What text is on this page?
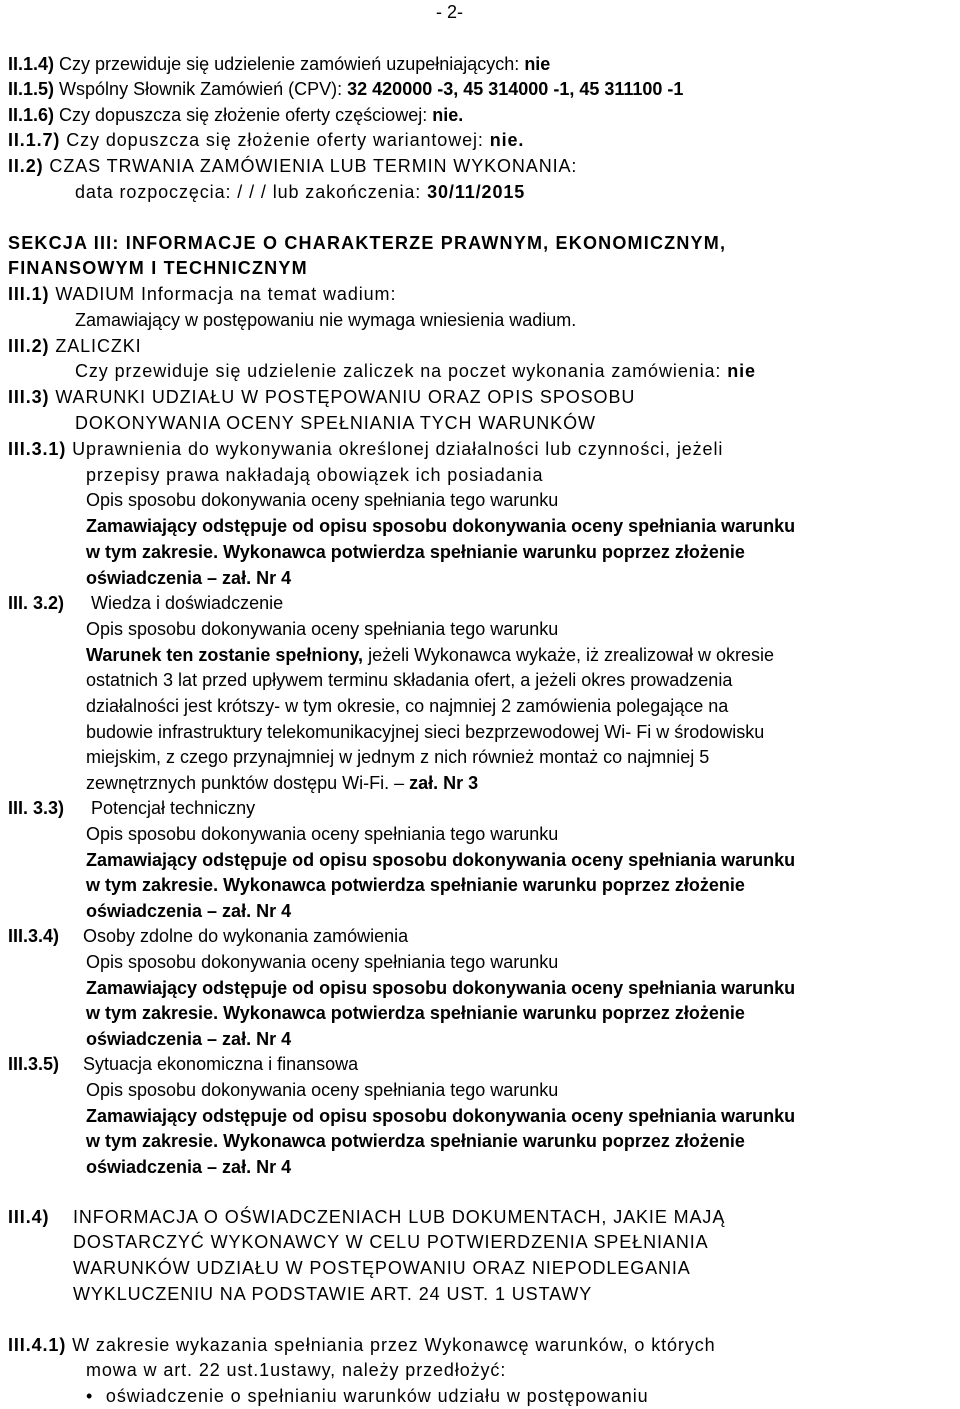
- 2-
II.1.4) Czy przewiduje się udzielenie zamówień uzupełniających: nie
II.1.5) Wspólny Słownik Zamówień (CPV): 32 420000 -3, 45 314000 -1, 45 311100 -1
II.1.6) Czy dopuszcza się złożenie oferty częściowej: nie.
II.1.7) Czy dopuszcza się złożenie oferty wariantowej: nie.
II.2) CZAS TRWANIA ZAMÓWIENIA LUB TERMIN WYKONANIA:
data rozpoczęcia: / / / lub zakończenia: 30/11/2015
SEKCJA III: INFORMACJE O CHARAKTERZE PRAWNYM, EKONOMICZNYM,
FINANSOWYM I TECHNICZNYM
III.1) WADIUM Informacja na temat wadium:
Zamawiający w postępowaniu nie wymaga wniesienia wadium.
III.2) ZALICZKI
Czy przewiduje się udzielenie zaliczek na poczet wykonania zamówienia: nie
III.3) WARUNKI UDZIAŁU W POSTĘPOWANIU ORAZ OPIS SPOSOBU
DOKONYWANIA OCENY SPEŁNIANIA TYCH WARUNKÓW
III.3.1) Uprawnienia do wykonywania określonej działalności lub czynności, jeżeli
przepisy prawa nakładają obowiązek ich posiadania
Opis sposobu dokonywania oceny spełniania tego warunku
Zamawiający odstępuje od opisu sposobu dokonywania oceny spełniania warunku
w tym zakresie. Wykonawca potwierdza spełnianie warunku poprzez złożenie
oświadczenia – zał. Nr 4
III. 3.2) Wiedza i doświadczenie
Opis sposobu dokonywania oceny spełniania tego warunku
Warunek ten zostanie spełniony, jeżeli Wykonawca wykaże, iż zrealizował w okresie
ostatnich 3 lat przed upływem terminu składania ofert, a jeżeli okres prowadzenia
działalności jest krótszy- w tym okresie, co najmniej 2 zamówienia polegające na
budowie infrastruktury telekomunikacyjnej sieci bezprzewodowej Wi- Fi w środowisku
miejskim, z czego przynajmniej w jednym z nich również montaż co najmniej 5
zewnętrznych punktów dostępu Wi-Fi. – zał. Nr 3
III. 3.3) Potencjał techniczny
Opis sposobu dokonywania oceny spełniania tego warunku
Zamawiający odstępuje od opisu sposobu dokonywania oceny spełniania warunku
w tym zakresie. Wykonawca potwierdza spełnianie warunku poprzez złożenie
oświadczenia – zał. Nr 4
III.3.4) Osoby zdolne do wykonania zamówienia
Opis sposobu dokonywania oceny spełniania tego warunku
Zamawiający odstępuje od opisu sposobu dokonywania oceny spełniania warunku
w tym zakresie. Wykonawca potwierdza spełnianie warunku poprzez złożenie
oświadczenia – zał. Nr 4
III.3.5) Sytuacja ekonomiczna i finansowa
Opis sposobu dokonywania oceny spełniania tego warunku
Zamawiający odstępuje od opisu sposobu dokonywania oceny spełniania warunku
w tym zakresie. Wykonawca potwierdza spełnianie warunku poprzez złożenie
oświadczenia – zał. Nr 4
III.4) INFORMACJA O OŚWIADCZENIACH LUB DOKUMENTACH, JAKIE MAJĄ
DOSTARCZYĆ WYKONAWCY W CELU POTWIERDZENIA SPEŁNIANIA
WARUNKÓW UDZIAŁU W POSTĘPOWANIU ORAZ NIEPODLEGANIA
WYKLUCZENIU NA PODSTAWIE ART. 24 UST. 1 USTAWY
III.4.1) W zakresie wykazania spełniania przez Wykonawcę warunków, o których
mowa w art. 22 ust.1ustawy, należy przedłożyć:
• oświadczenie o spełnianiu warunków udziału w postępowaniu
